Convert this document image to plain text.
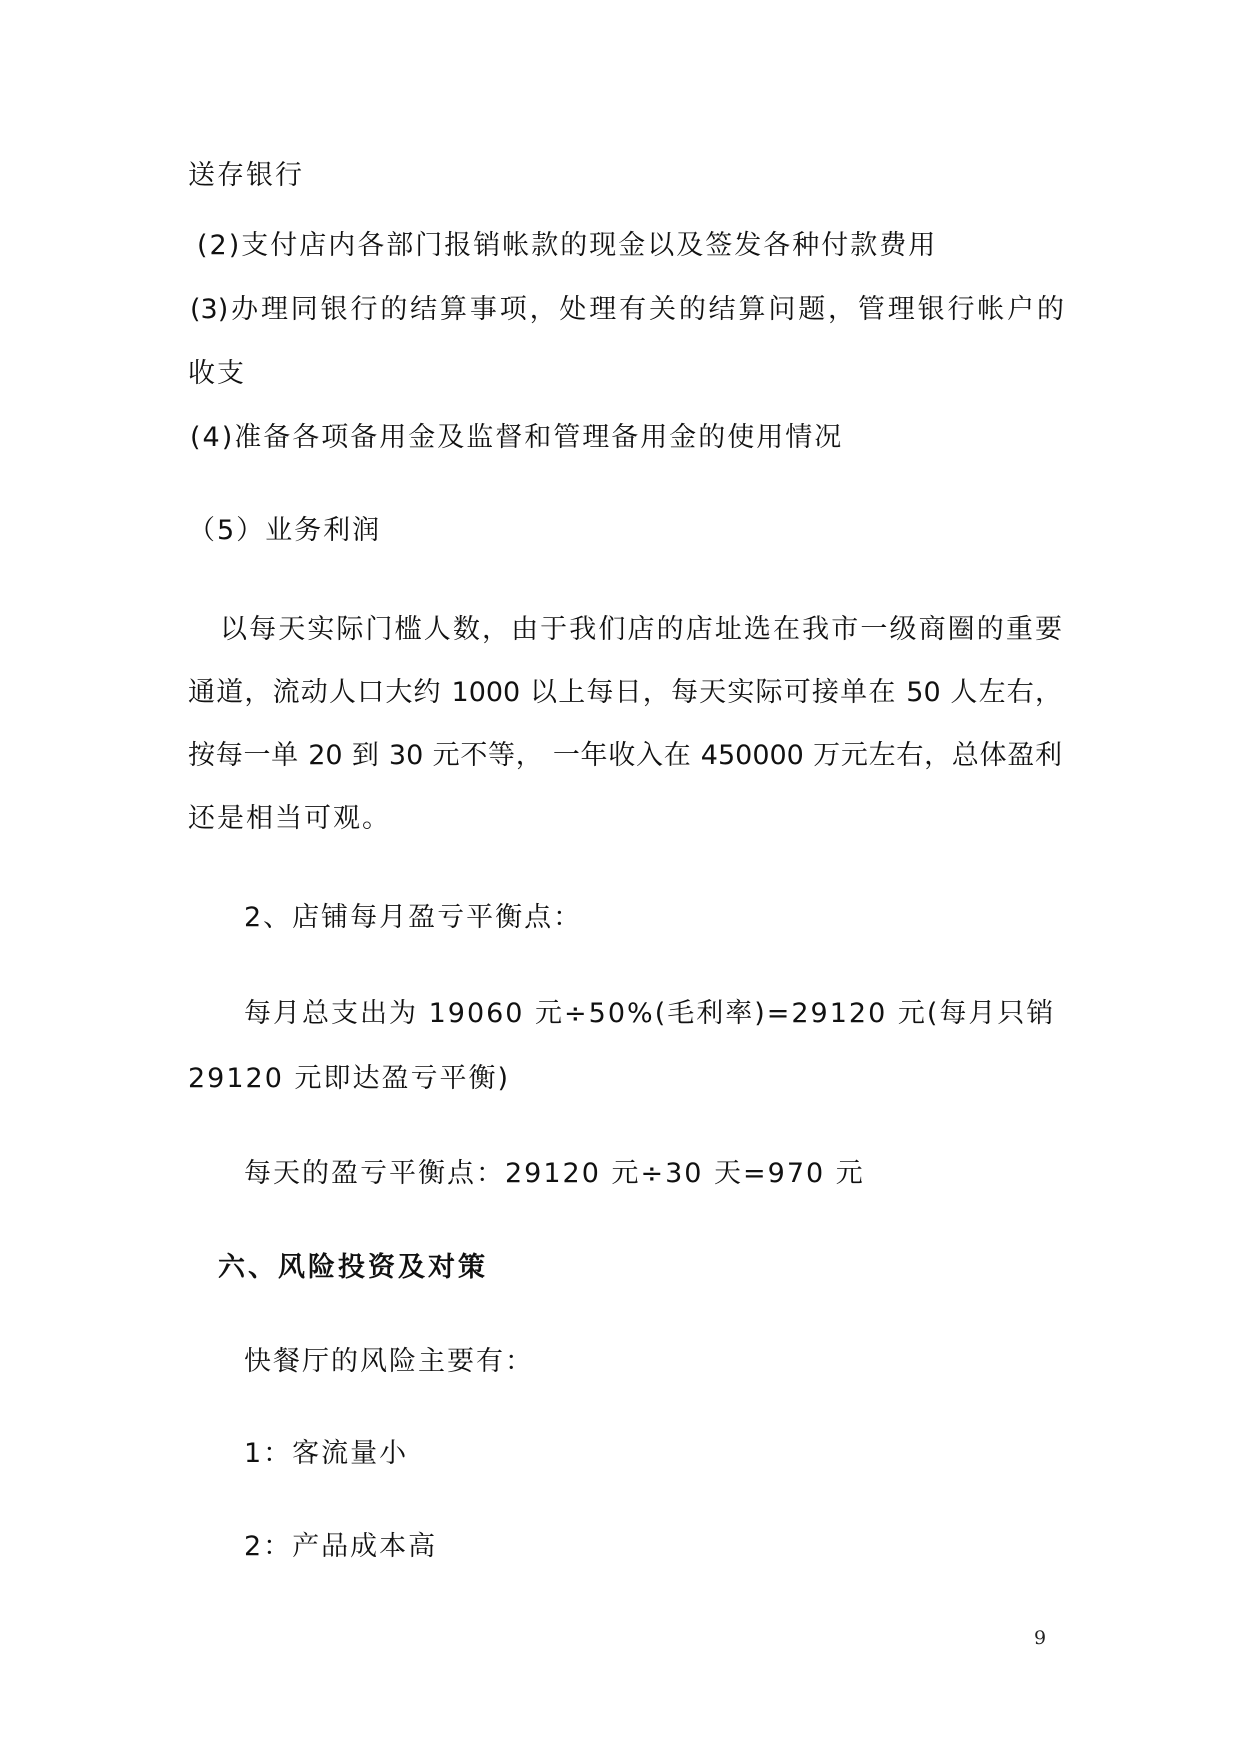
送存银行
(2)支付店内各部门报销帐款的现金以及签发各种付款费用
(3)办理同银行的结算事项，处理有关的结算问题，管理银行帐户的
收支
(4)准备各项备用金及监督和管理备用金的使用情况
（5）业务利润
以每天实际门槛人数，由于我们店的店址选在我市一级商圈的重要
通道，流动人口大约 1000 以上每日，每天实际可接单在 50 人左右，
按每一单 20 到 30 元不等， 一年收入在 450000 万元左右，总体盈利
还是相当可观。
2、店铺每月盈亏平衡点：
每月总支出为 19060 元÷50%(毛利率)=29120 元(每月只销
29120 元即达盈亏平衡)
每天的盈亏平衡点：29120 元÷30 天=970 元
六、风险投资及对策
快餐厅的风险主要有：
1：客流量小
2：产品成本高
9
